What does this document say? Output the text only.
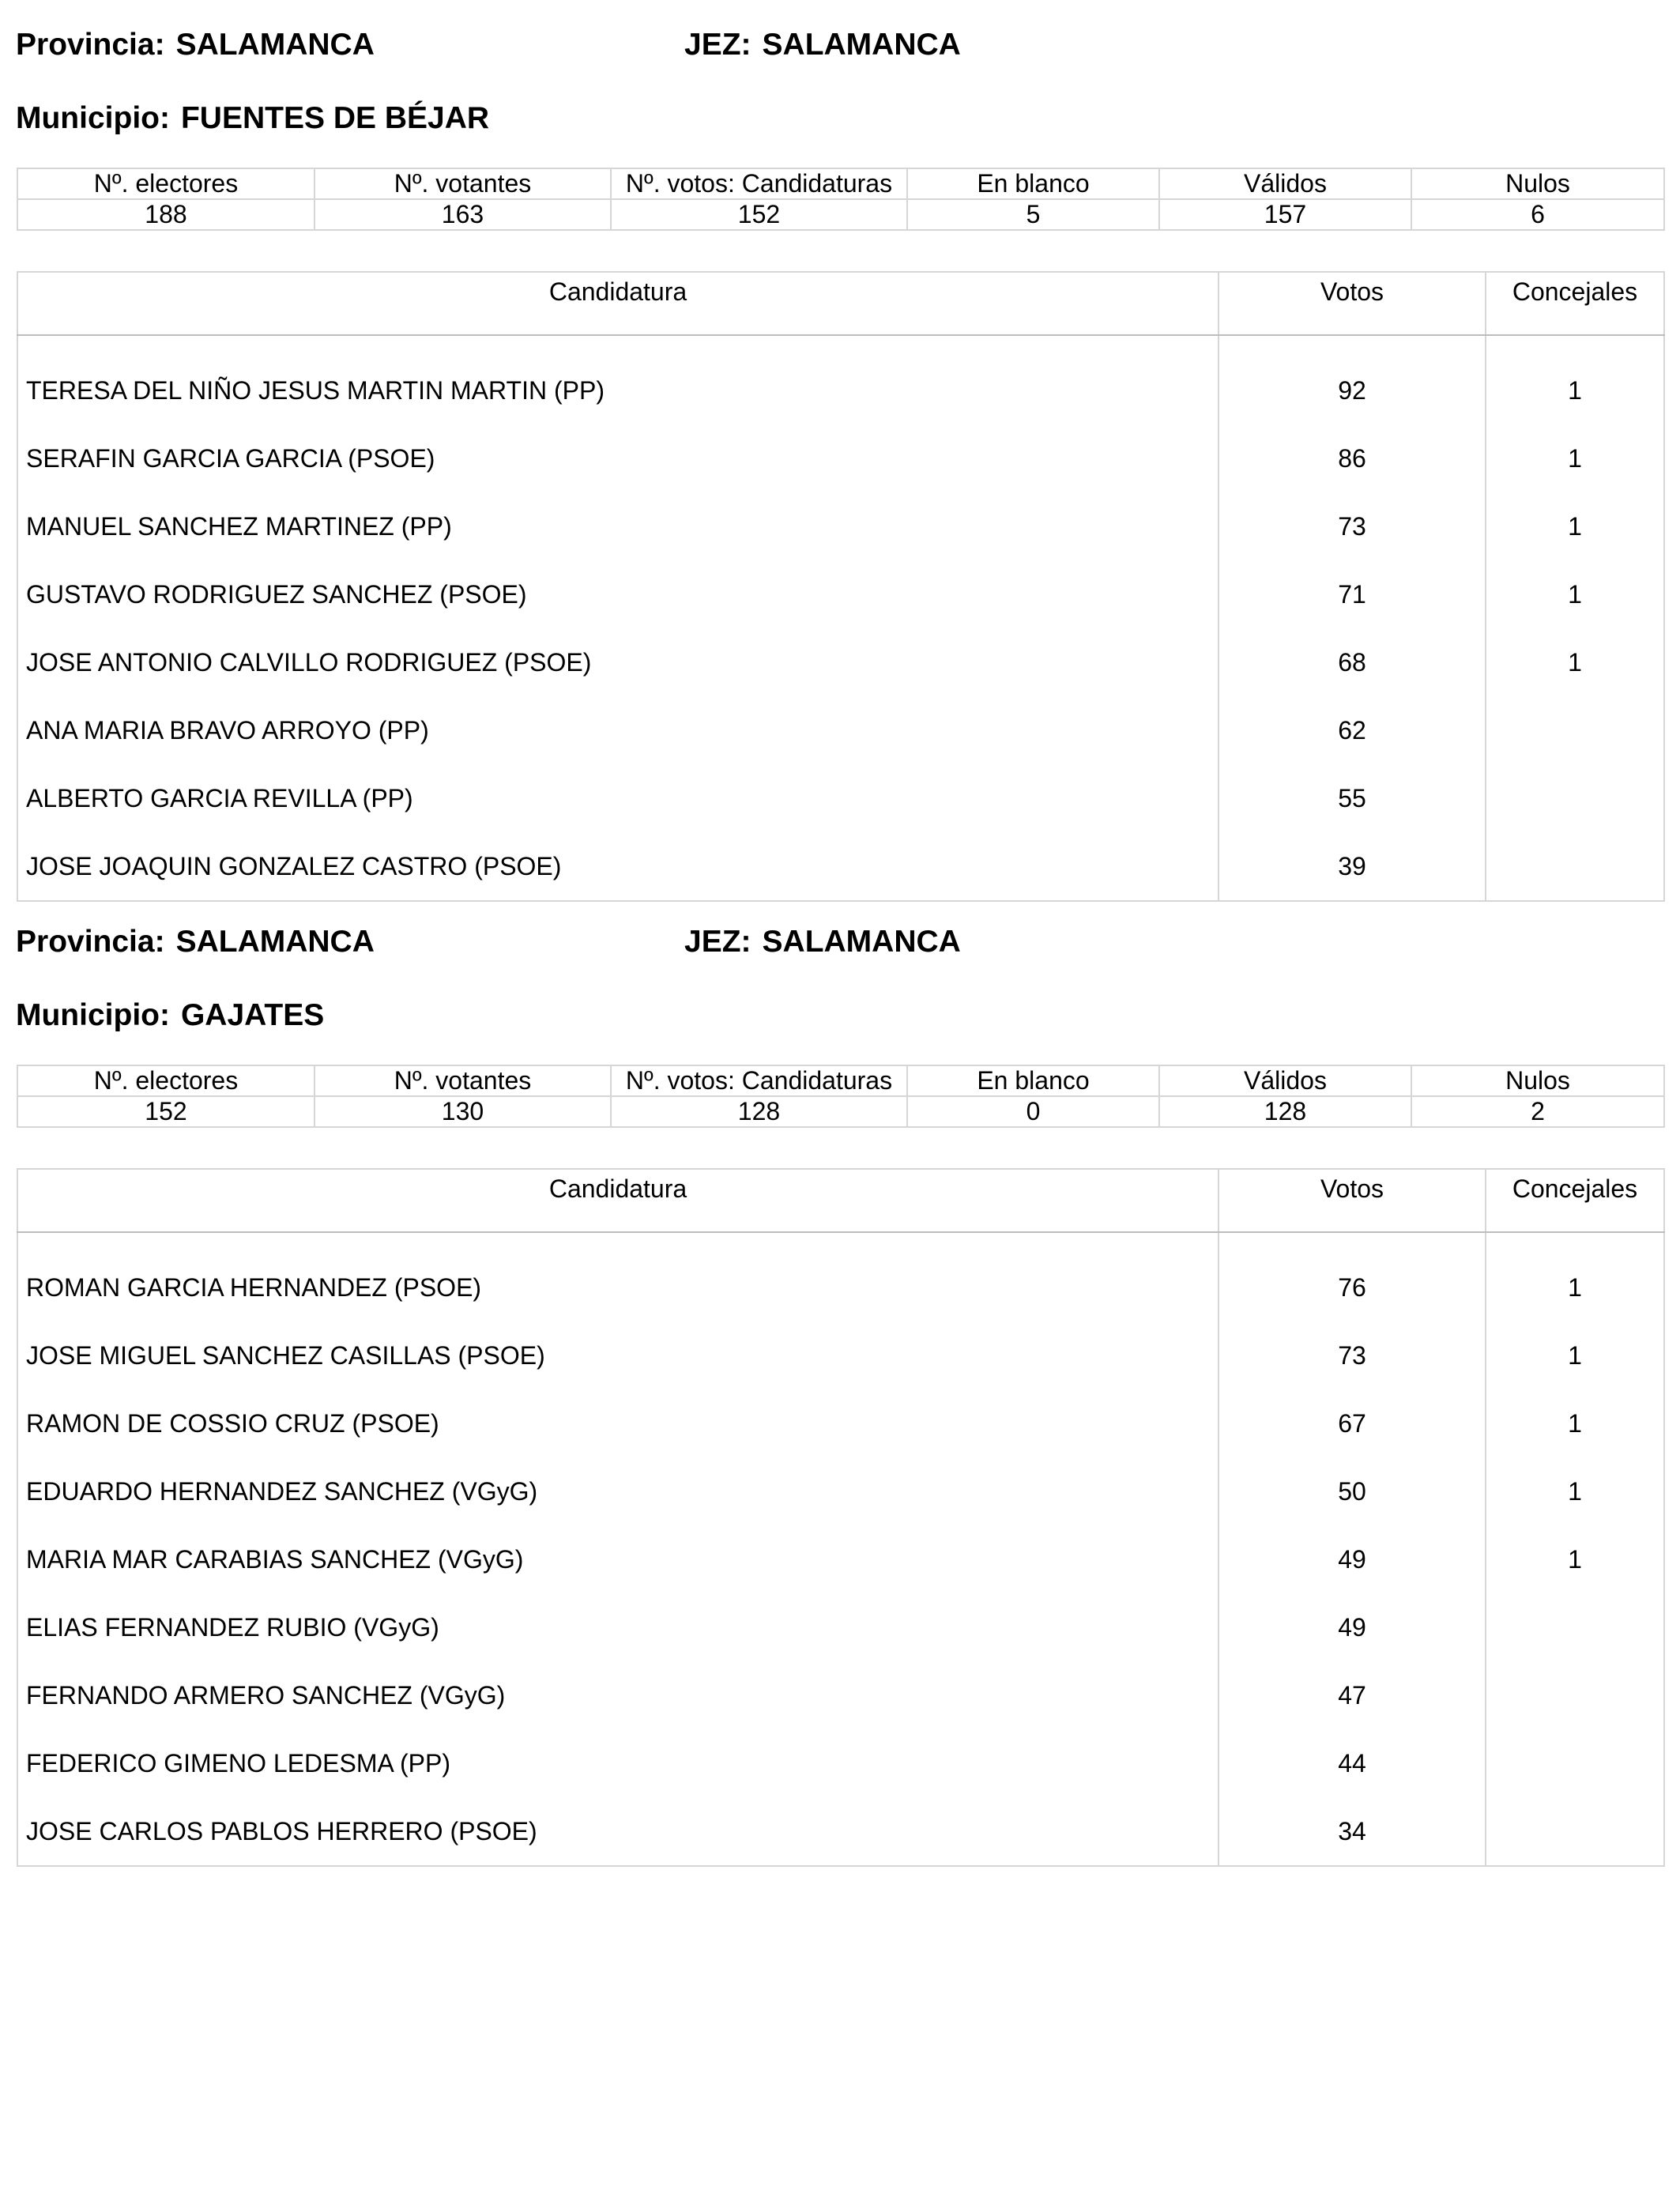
Provincia: SALAMANCA	JEZ: SALAMANCA
Municipio: FUENTES DE BÉJAR
Nº. electores	Nº. votantes	Nº. votos: Candidaturas	En blanco	Válidos	Nulos
188	163	152	5	157	6
Candidatura	Votos	Concejales

TERESA DEL NIÑO JESUS MARTIN MARTIN (PP)	92	1
SERAFIN GARCIA GARCIA (PSOE)	86	1
MANUEL SANCHEZ MARTINEZ (PP)	73	1
GUSTAVO RODRIGUEZ SANCHEZ (PSOE)	71	1
JOSE ANTONIO CALVILLO RODRIGUEZ (PSOE)	68	1
ANA MARIA BRAVO ARROYO (PP)	62	
ALBERTO GARCIA REVILLA (PP)	55	
JOSE JOAQUIN GONZALEZ CASTRO (PSOE)	39	
Provincia: SALAMANCA	JEZ: SALAMANCA
Municipio: GAJATES
Nº. electores	Nº. votantes	Nº. votos: Candidaturas	En blanco	Válidos	Nulos
152	130	128	0	128	2
Candidatura	Votos	Concejales

ROMAN GARCIA HERNANDEZ (PSOE)	76	1
JOSE MIGUEL SANCHEZ CASILLAS (PSOE)	73	1
RAMON DE COSSIO CRUZ (PSOE)	67	1
EDUARDO HERNANDEZ SANCHEZ (VGyG)	50	1
MARIA MAR CARABIAS SANCHEZ (VGyG)	49	1
ELIAS FERNANDEZ RUBIO (VGyG)	49	
FERNANDO ARMERO SANCHEZ (VGyG)	47	
FEDERICO GIMENO LEDESMA (PP)	44	
JOSE CARLOS PABLOS HERRERO (PSOE)	34	
